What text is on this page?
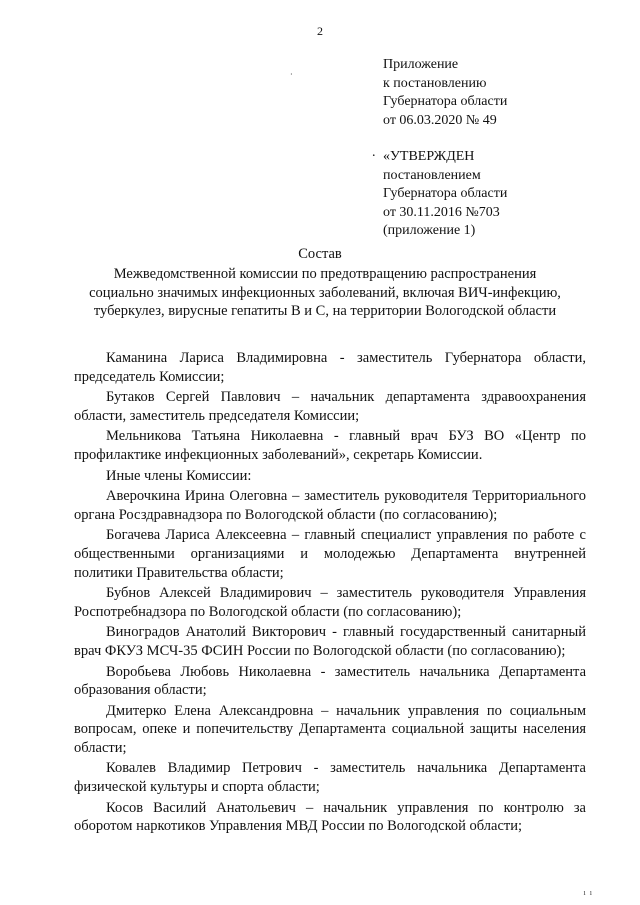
2
·
Приложение
к постановлению
Губернатора области
от 06.03.2020 № 49
. «УТВЕРЖДЕН
постановлением
Губернатора области
от 30.11.2016 №703
(приложение 1)
Состав
Межведомственной комиссии по предотвращению распространения социально значимых инфекционных заболеваний, включая ВИЧ-инфекцию, туберкулез, вирусные гепатиты В и С, на территории Вологодской области

Каманина Лариса Владимировна - заместитель Губернатора области, председатель Комиссии;

Бутаков Сергей Павлович – начальник департамента здравоохранения области, заместитель председателя Комиссии;

Мельникова Татьяна Николаевна - главный врач БУЗ ВО «Центр по профилактике инфекционных заболеваний», секретарь Комиссии.

Иные члены Комиссии:

Аверочкина Ирина Олеговна – заместитель руководителя Территориального органа Росздравнадзора по Вологодской области (по согласованию);

Богачева Лариса Алексеевна – главный специалист управления по работе с общественными организациями и молодежью Департамента внутренней политики Правительства области;

Бубнов Алексей Владимирович – заместитель руководителя Управления Роспотребнадзора по Вологодской области (по согласованию);

Виноградов Анатолий Викторович - главный государственный санитарный врач ФКУЗ МСЧ-35 ФСИН России по Вологодской области (по согласованию);

Воробьева Любовь Николаевна - заместитель начальника Департамента образования области;

Дмитерко Елена Александровна – начальник управления по социальным вопросам, опеке и попечительству Департамента социальной защиты населения области;

Ковалев Владимир Петрович - заместитель начальника Департамента физической культуры и спорта области;

Косов Василий Анатольевич – начальник управления по контролю за оборотом наркотиков Управления МВД России по Вологодской области;

ı  ı
